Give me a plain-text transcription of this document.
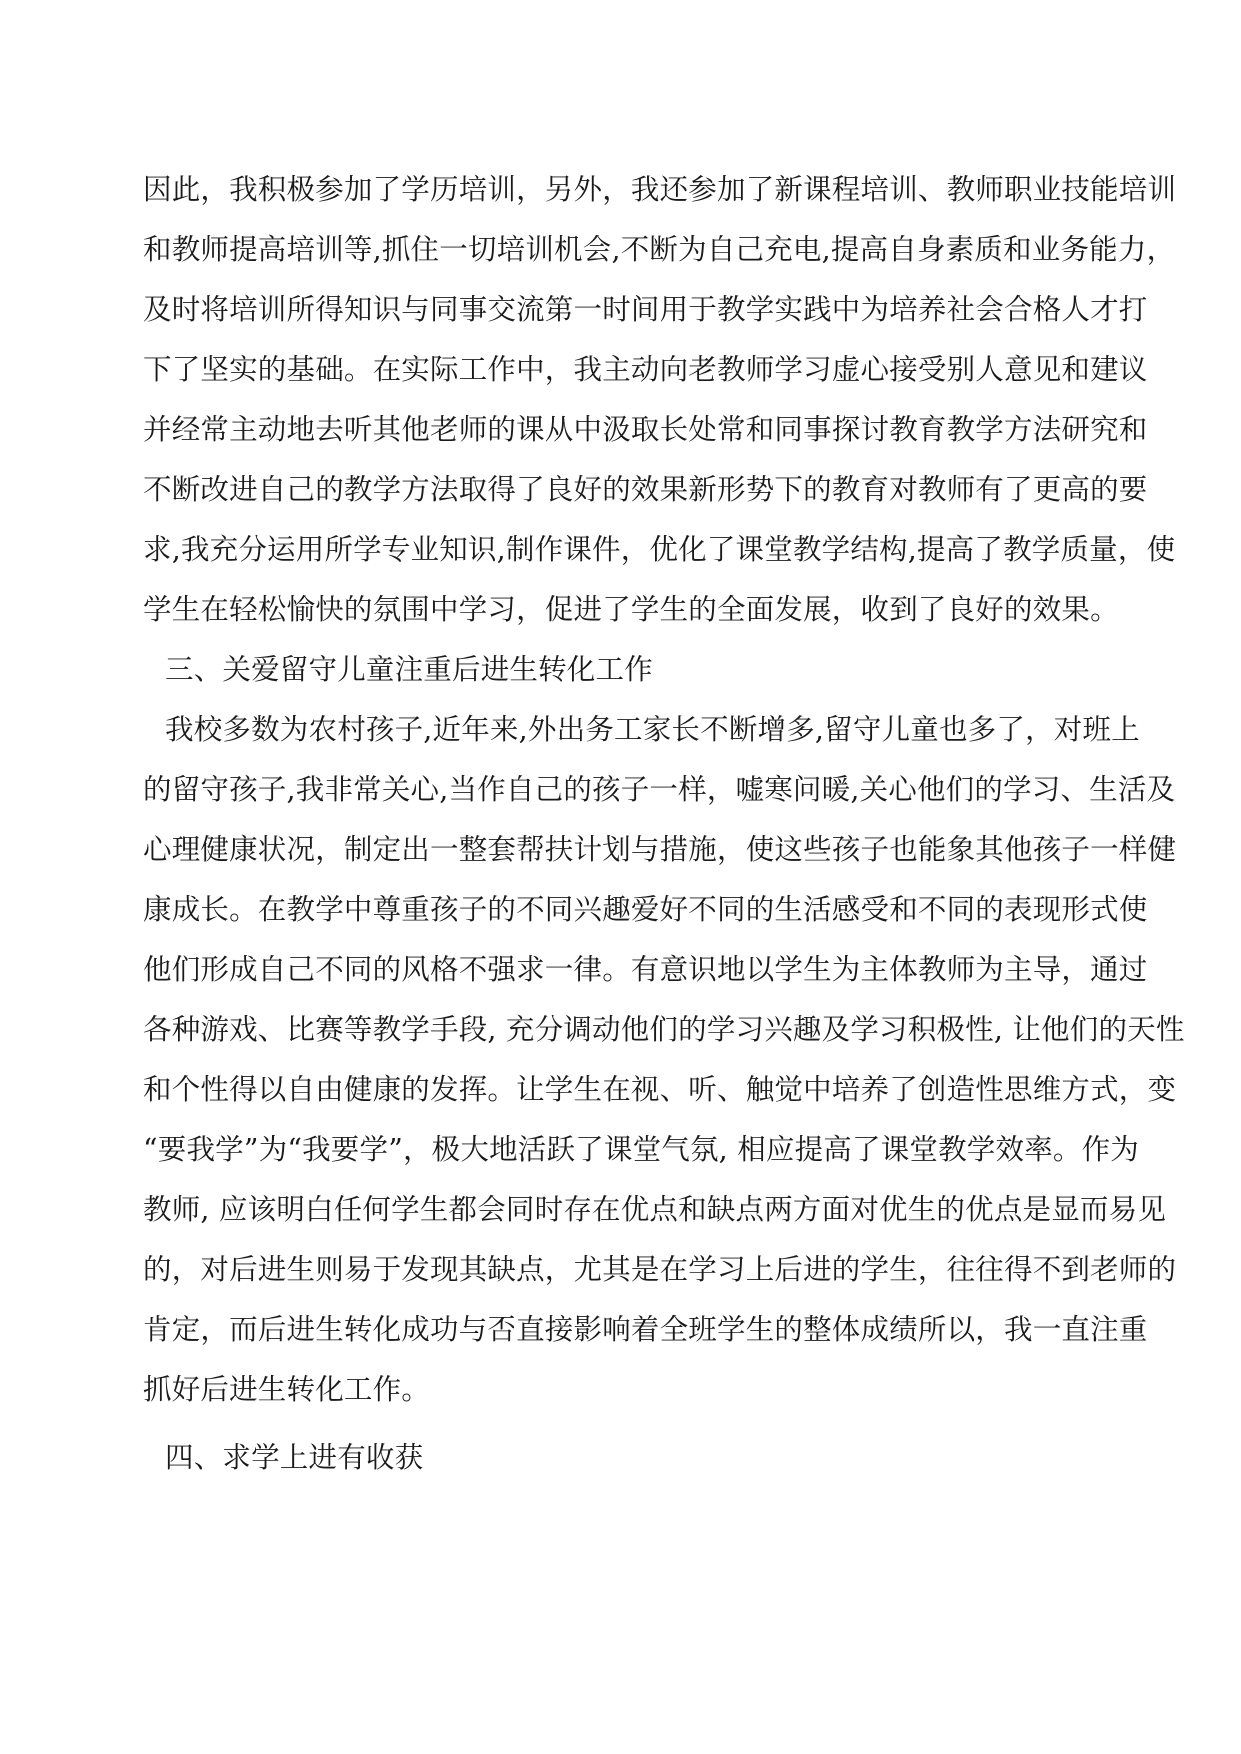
因此，我积极参加了学历培训，另外，我还参加了新课程培训、教师职业技能培训
和教师提高培训等,抓住一切培训机会,不断为自己充电,提高自身素质和业务能力，
及时将培训所得知识与同事交流第一时间用于教学实践中为培养社会合格人才打
下了坚实的基础。在实际工作中，我主动向老教师学习虚心接受别人意见和建议
并经常主动地去听其他老师的课从中汲取长处常和同事探讨教育教学方法研究和
不断改进自己的教学方法取得了良好的效果新形势下的教育对教师有了更高的要
求,我充分运用所学专业知识,制作课件，优化了课堂教学结构,提高了教学质量，使
学生在轻松愉快的氛围中学习，促进了学生的全面发展，收到了良好的效果。
三、关爱留守儿童注重后进生转化工作
我校多数为农村孩子,近年来,外出务工家长不断增多,留守儿童也多了，对班上
的留守孩子,我非常关心,当作自己的孩子一样，嘘寒问暖,关心他们的学习、生活及
心理健康状况，制定出一整套帮扶计划与措施，使这些孩子也能象其他孩子一样健
康成长。在教学中尊重孩子的不同兴趣爱好不同的生活感受和不同的表现形式使
他们形成自己不同的风格不强求一律。有意识地以学生为主体教师为主导，通过
各种游戏、比赛等教学手段, 充分调动他们的学习兴趣及学习积极性, 让他们的天性
和个性得以自由健康的发挥。让学生在视、听、触觉中培养了创造性思维方式，变
“要我学”为“我要学”，极大地活跃了课堂气氛, 相应提高了课堂教学效率。作为
教师, 应该明白任何学生都会同时存在优点和缺点两方面对优生的优点是显而易见
的，对后进生则易于发现其缺点，尤其是在学习上后进的学生，往往得不到老师的
肯定，而后进生转化成功与否直接影响着全班学生的整体成绩所以，我一直注重
抓好后进生转化工作。
四、求学上进有收获
